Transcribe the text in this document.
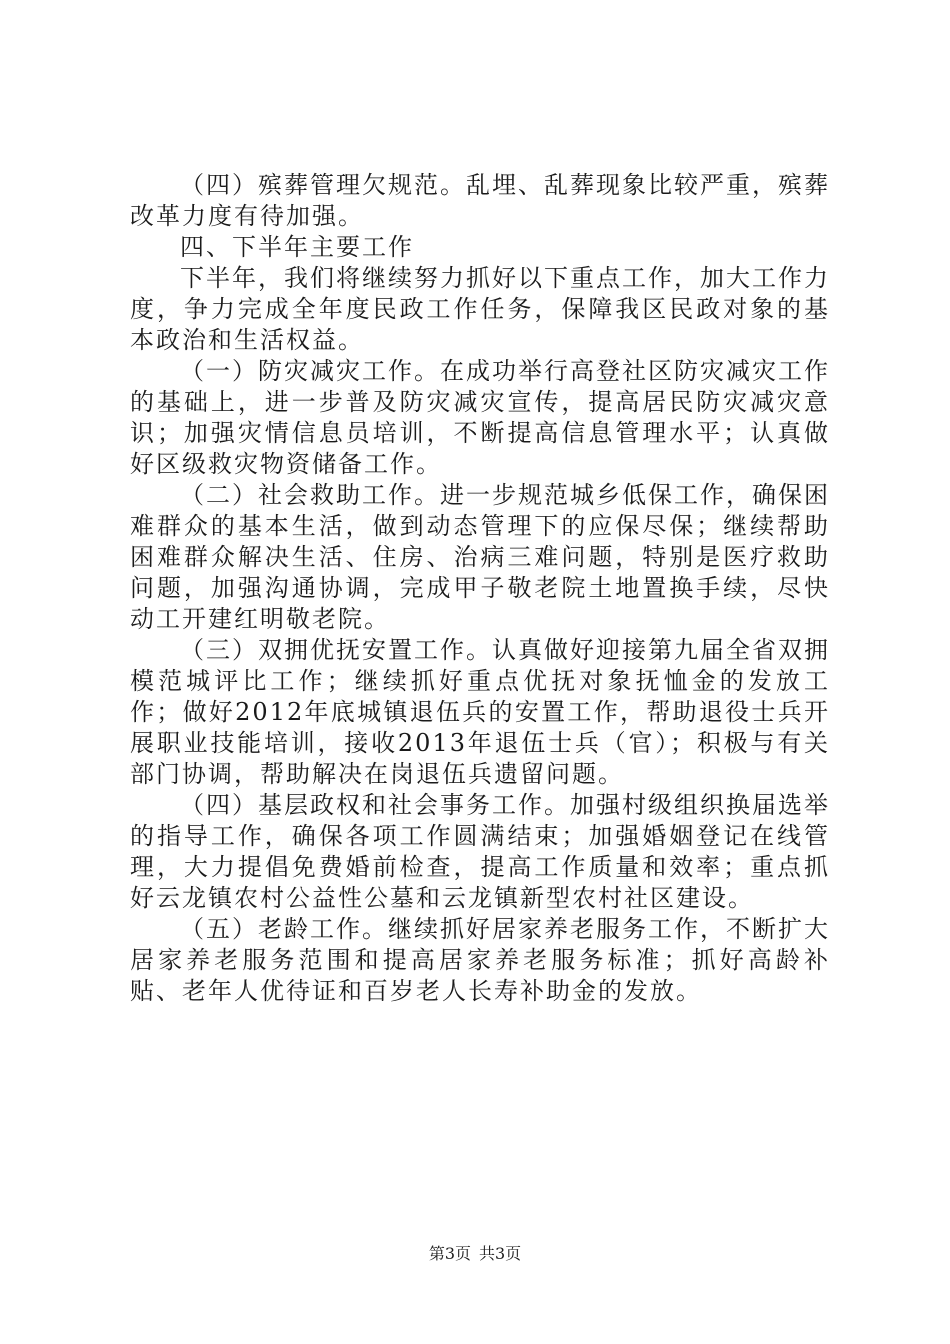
（四）殡葬管理欠规范。乱埋、乱葬现象比较严重，殡葬改革力度有待加强。

四、下半年主要工作

下半年，我们将继续努力抓好以下重点工作，加大工作力度，争力完成全年度民政工作任务，保障我区民政对象的基本政治和生活权益。

（一）防灾减灾工作。在成功举行高登社区防灾减灾工作的基础上，进一步普及防灾减灾宣传，提高居民防灾减灾意识；加强灾情信息员培训，不断提高信息管理水平；认真做好区级救灾物资储备工作。

（二）社会救助工作。进一步规范城乡低保工作，确保困难群众的基本生活，做到动态管理下的应保尽保；继续帮助困难群众解决生活、住房、治病三难问题，特别是医疗救助问题，加强沟通协调，完成甲子敬老院土地置换手续，尽快动工开建红明敬老院。

（三）双拥优抚安置工作。认真做好迎接第九届全省双拥模范城评比工作；继续抓好重点优抚对象抚恤金的发放工作；做好2012年底城镇退伍兵的安置工作，帮助退役士兵开展职业技能培训，接收2013年退伍士兵（官）；积极与有关部门协调，帮助解决在岗退伍兵遗留问题。

（四）基层政权和社会事务工作。加强村级组织换届选举的指导工作，确保各项工作圆满结束；加强婚姻登记在线管理，大力提倡免费婚前检查，提高工作质量和效率；重点抓好云龙镇农村公益性公墓和云龙镇新型农村社区建设。

（五）老龄工作。继续抓好居家养老服务工作，不断扩大居家养老服务范围和提高居家养老服务标准；抓好高龄补贴、老年人优待证和百岁老人长寿补助金的发放。

第3页 共3页
